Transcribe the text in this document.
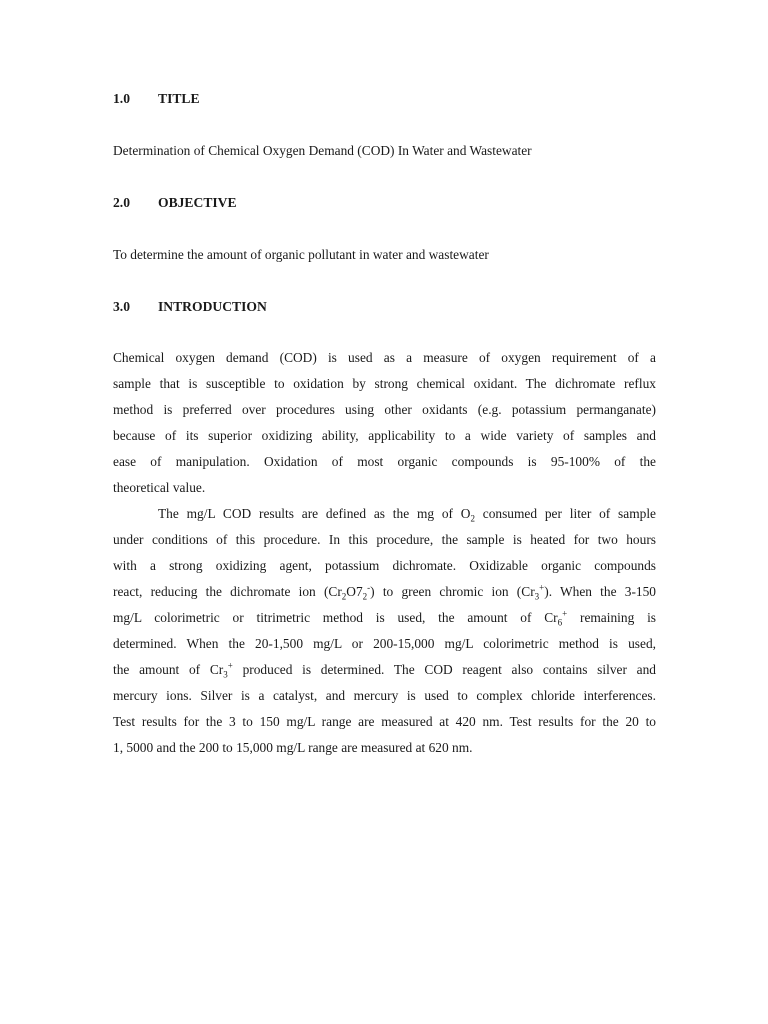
1.0 TITLE
Determination of Chemical Oxygen Demand (COD) In Water and Wastewater
2.0 OBJECTIVE
To determine the amount of organic pollutant in water and wastewater
3.0 INTRODUCTION
Chemical oxygen demand (COD) is used as a measure of oxygen requirement of a
sample that is susceptible to oxidation by strong chemical oxidant. The dichromate reflux
method is preferred over procedures using other oxidants (e.g. potassium permanganate)
because of its superior oxidizing ability, applicability to a wide variety of samples and
ease of manipulation. Oxidation of most organic compounds is 95-100% of the
theoretical value.
The mg/L COD results are defined as the mg of $O_2$ consumed per liter of sample
under conditions of this procedure. In this procedure, the sample is heated for two hours
with a strong oxidizing agent, potassium dichromate. Oxidizable organic compounds
react, reducing the dichromate ion $(Cr_2O7_2^-)$ to green chromic ion $(Cr_3^+)$. When the 3-150
mg/L colorimetric or titrimetric method is used, the amount of $Cr_6^+$ remaining is
determined. When the 20-1,500 mg/L or 200-15,000 mg/L colorimetric method is used,
the amount of $Cr_3^+$ produced is determined. The COD reagent also contains silver and
mercury ions. Silver is a catalyst, and mercury is used to complex chloride interferences.
Test results for the 3 to 150 mg/L range are measured at 420 nm. Test results for the 20 to
1, 5000 and the 200 to 15,000 mg/L range are measured at 620 nm.
